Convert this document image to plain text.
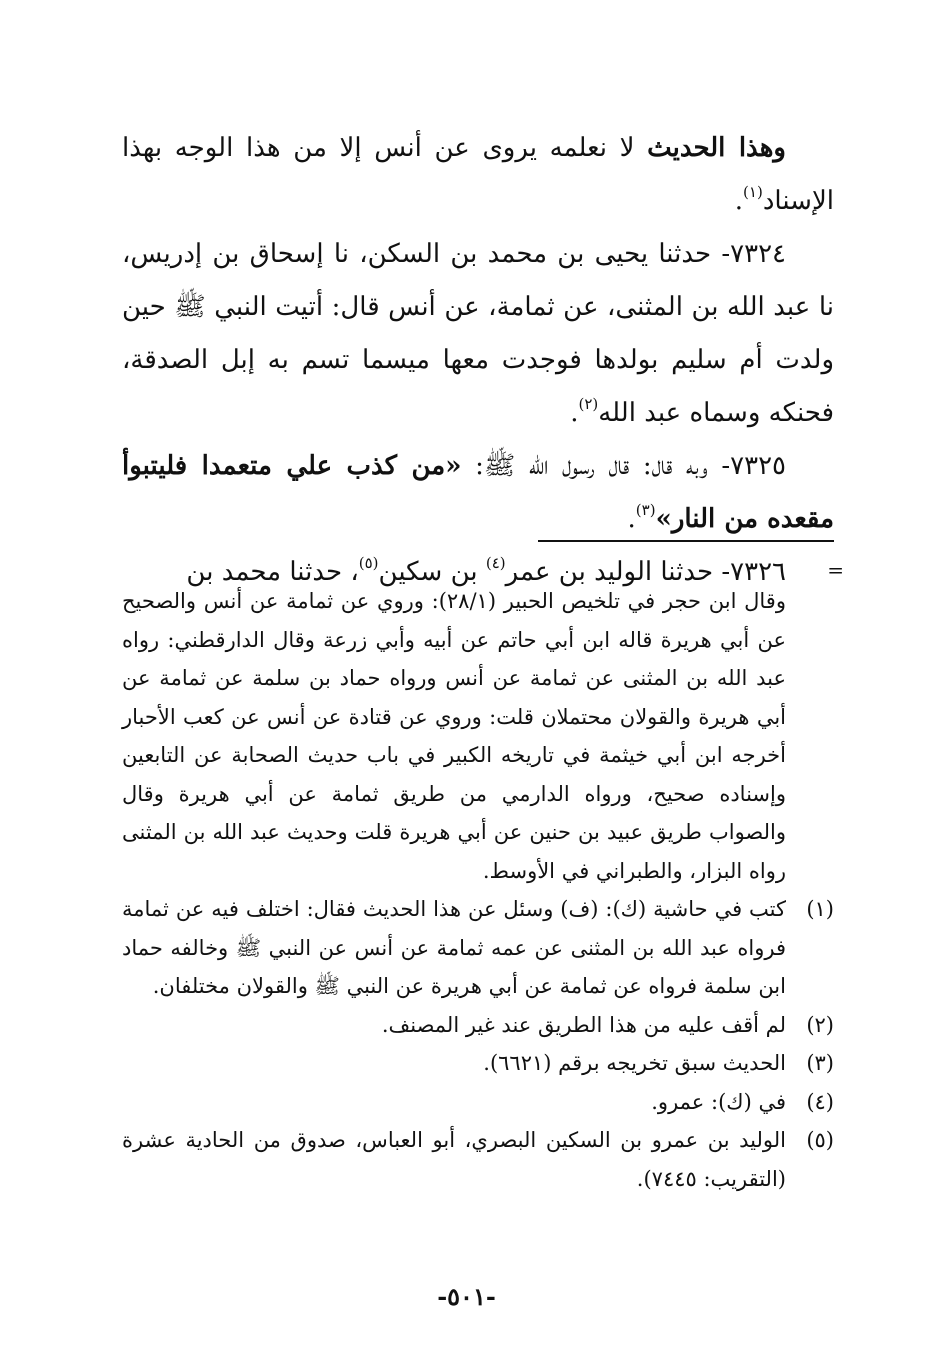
وهذا الحديث لا نعلمه يروى عن أنس إلا من هذا الوجه بهذا الإسناد$^{(١)}$.

٧٣٢٤- حدثنا يحيى بن محمد بن السكن، نا إسحاق بن إدريس، نا عبد الله بن المثنى، عن ثمامة، عن أنس قال: أتيت النبي ﷺ حين ولدت أم سليم بولدها فوجدت معها ميسما تسم به إبل الصدقة، فحنكه وسماه عبد الله$^{(٢)}$.

٧٣٢٥- وبه قال: قال رسول الله ﷺ: «من كذب علي متعمدا فليتبوأ مقعده من النار»$^{(٣)}$.

٧٣٢٦- حدثنا الوليد بن عمر$^{(٤)}$ بن سكين$^{(٥)}$، حدثنا محمد بن	=

وقال ابن حجر في تلخيص الحبير (٢٨/١): وروي عن ثمامة عن أنس والصحيح عن أبي هريرة قاله ابن أبي حاتم عن أبيه وأبي زرعة وقال الدارقطني: رواه عبد الله بن المثنى عن ثمامة عن أنس ورواه حماد بن سلمة عن ثمامة عن أبي هريرة والقولان محتملان قلت: وروي عن قتادة عن أنس عن كعب الأحبار أخرجه ابن أبي خيثمة في تاريخه الكبير في باب حديث الصحابة عن التابعين وإسناده صحيح، ورواه الدارمي من طريق ثمامة عن أبي هريرة وقال والصواب طريق عبيد بن حنين عن أبي هريرة قلت وحديث عبد الله بن المثنى رواه البزار، والطبراني في الأوسط.

(١)
كتب في حاشية (ك): (ف) وسئل عن هذا الحديث فقال: اختلف فيه عن ثمامة فرواه عبد الله بن المثنى عن عمه ثمامة عن أنس عن النبي ﷺ وخالفه حماد ابن سلمة فرواه عن ثمامة عن أبي هريرة عن النبي ﷺ والقولان مختلفان.
(٢)
لم أقف عليه من هذا الطريق عند غير المصنف.
(٣)
الحديث سبق تخريجه برقم (٦٦٢١).
(٤)
في (ك): عمرو.
(٥)
الوليد بن عمرو بن السكين البصري، أبو العباس، صدوق من الحادية عشرة (التقريب: ٧٤٤٥).
-٥٠١-
